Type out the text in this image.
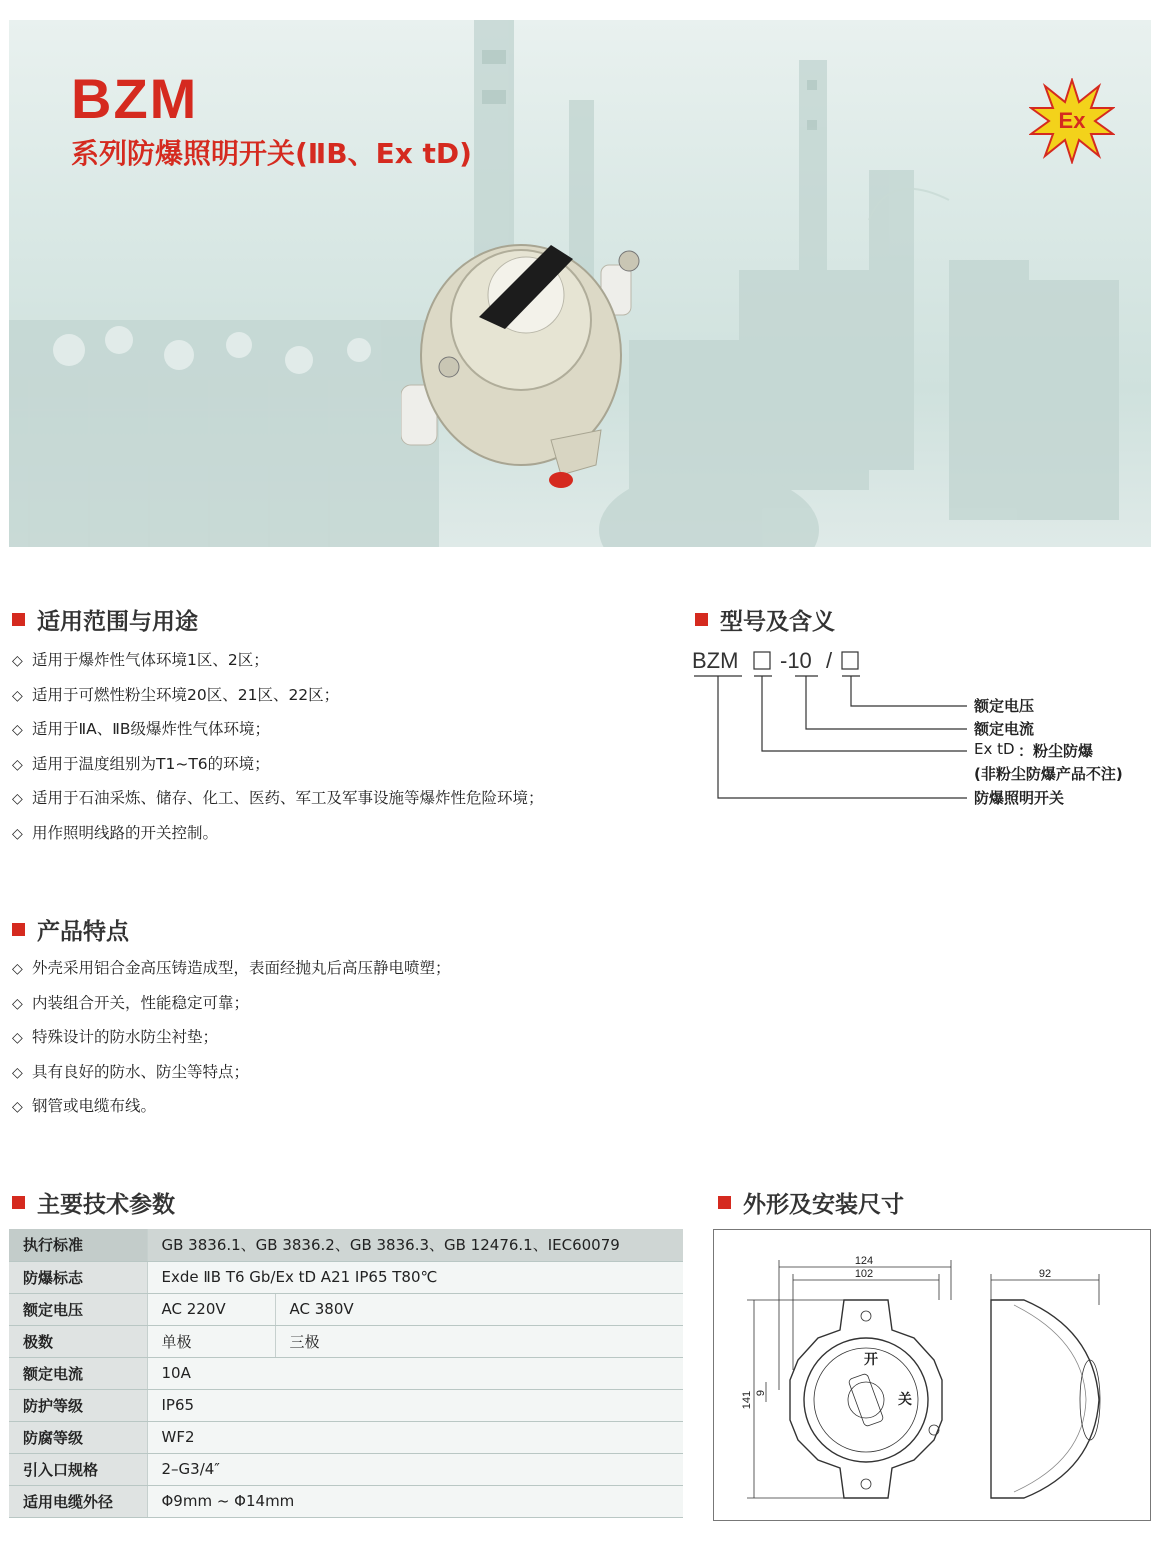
BZM
系列防爆照明开关(ⅡB、Ex tD)
Ex
适用范围与用途
◇ 适用于爆炸性气体环境1区、2区；
◇ 适用于可燃性粉尘环境20区、21区、22区；
◇ 适用于ⅡA、ⅡB级爆炸性气体环境；
◇ 适用于温度组别为T1~T6的环境；
◇ 适用于石油采炼、储存、化工、医药、军工及军事设施等爆炸性危险环境；
◇ 用作照明线路的开关控制。
型号及含义
BZM -10 /
额定电压
额定电流
Ex tD ：粉尘防爆
(非粉尘防爆产品不注)
防爆照明开关
产品特点
◇ 外壳采用铝合金高压铸造成型，表面经抛丸后高压静电喷塑；
◇ 内装组合开关，性能稳定可靠；
◇ 特殊设计的防水防尘衬垫；
◇ 具有良好的防水、防尘等特点；
◇ 钢管或电缆布线。
主要技术参数
执行标准	GB 3836.1、GB 3836.2、GB 3836.3、GB 12476.1、IEC60079	
防爆标志	Exde ⅡB T6 Gb/Ex tD A21 IP65 T80℃	
额定电压	AC 220V	AC 380V
极数	单极	三极
额定电流	10A	
防护等级	IP65	
防腐等级	WF2	
引入口规格	2–G3/4″	
适用电缆外径	Φ9mm ~ Φ14mm	
外形及安装尺寸
124
102	92
141 9
开
关
